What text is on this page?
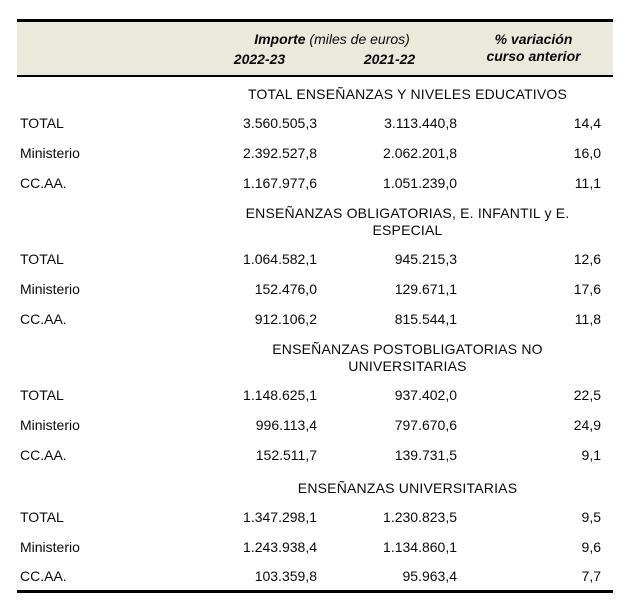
	Importe (miles de euros)		% variación
curso anterior
	2022-23	2021-22	
	TOTAL ENSEÑANZAS Y NIVELES EDUCATIVOS		
TOTAL	3.560.505,3	3.113.440,8	14,4
Ministerio	2.392.527,8	2.062.201,8	16,0
CC.AA.	1.167.977,6	1.051.239,0	11,1
	ENSEÑANZAS OBLIGATORIAS, E. INFANTIL y E. ESPECIAL		
TOTAL	1.064.582,1	945.215,3	12,6
Ministerio	152.476,0	129.671,1	17,6
CC.AA.	912.106,2	815.544,1	11,8
	ENSEÑANZAS POSTOBLIGATORIAS NO UNIVERSITARIAS		
TOTAL	1.148.625,1	937.402,0	22,5
Ministerio	996.113,4	797.670,6	24,9
CC.AA.	152.511,7	139.731,5	9,1
	ENSEÑANZAS UNIVERSITARIAS		
TOTAL	1.347.298,1	1.230.823,5	9,5
Ministerio	1.243.938,4	1.134.860,1	9,6
CC.AA.	103.359,8	95.963,4	7,7
